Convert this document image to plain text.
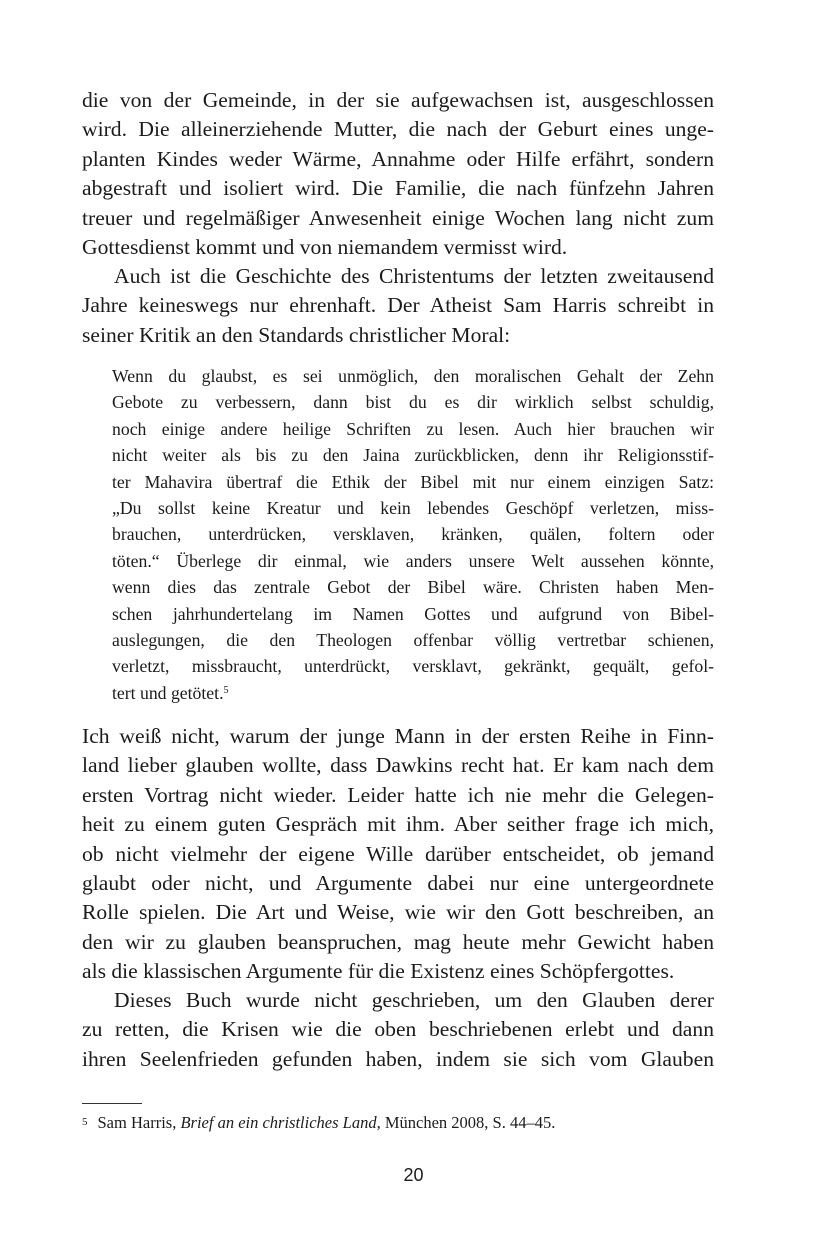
die von der Gemeinde, in der sie aufgewachsen ist, ausgeschlossen
wird. Die alleinerziehende Mutter, die nach der Geburt eines unge-
planten Kindes weder Wärme, Annahme oder Hilfe erfährt, sondern
abgestraft und isoliert wird. Die Familie, die nach fünfzehn Jahren
treuer und regelmäßiger Anwesenheit einige Wochen lang nicht zum
Gottesdienst kommt und von niemandem vermisst wird.
Auch ist die Geschichte des Christentums der letzten zweitausend
Jahre keineswegs nur ehrenhaft. Der Atheist Sam Harris schreibt in
seiner Kritik an den Standards christlicher Moral:
Wenn du glaubst, es sei unmöglich, den moralischen Gehalt der Zehn
Gebote zu verbessern, dann bist du es dir wirklich selbst schuldig,
noch einige andere heilige Schriften zu lesen. Auch hier brauchen wir
nicht weiter als bis zu den Jaina zurückblicken, denn ihr Religionsstif-
ter Mahavira übertraf die Ethik der Bibel mit nur einem einzigen Satz:
„Du sollst keine Kreatur und kein lebendes Geschöpf verletzen, miss-
brauchen, unterdrücken, versklaven, kränken, quälen, foltern oder
töten.“ Überlege dir einmal, wie anders unsere Welt aussehen könnte,
wenn dies das zentrale Gebot der Bibel wäre. Christen haben Men-
schen jahrhundertelang im Namen Gottes und aufgrund von Bibel-
auslegungen, die den Theologen offenbar völlig vertretbar schienen,
verletzt, missbraucht, unterdrückt, versklavt, gekränkt, gequält, gefol-
tert und getötet.$^5$
Ich weiß nicht, warum der junge Mann in der ersten Reihe in Finn-
land lieber glauben wollte, dass Dawkins recht hat. Er kam nach dem
ersten Vortrag nicht wieder. Leider hatte ich nie mehr die Gelegen-
heit zu einem guten Gespräch mit ihm. Aber seither frage ich mich,
ob nicht vielmehr der eigene Wille darüber entscheidet, ob jemand
glaubt oder nicht, und Argumente dabei nur eine untergeordnete
Rolle spielen. Die Art und Weise, wie wir den Gott beschreiben, an
den wir zu glauben beanspruchen, mag heute mehr Gewicht haben
als die klassischen Argumente für die Existenz eines Schöpfergottes.
Dieses Buch wurde nicht geschrieben, um den Glauben derer
zu retten, die Krisen wie die oben beschriebenen erlebt und dann
ihren Seelenfrieden gefunden haben, indem sie sich vom Glauben
$^5$ Sam Harris, Brief an ein christliches Land, München 2008, S. 44–45.
20
